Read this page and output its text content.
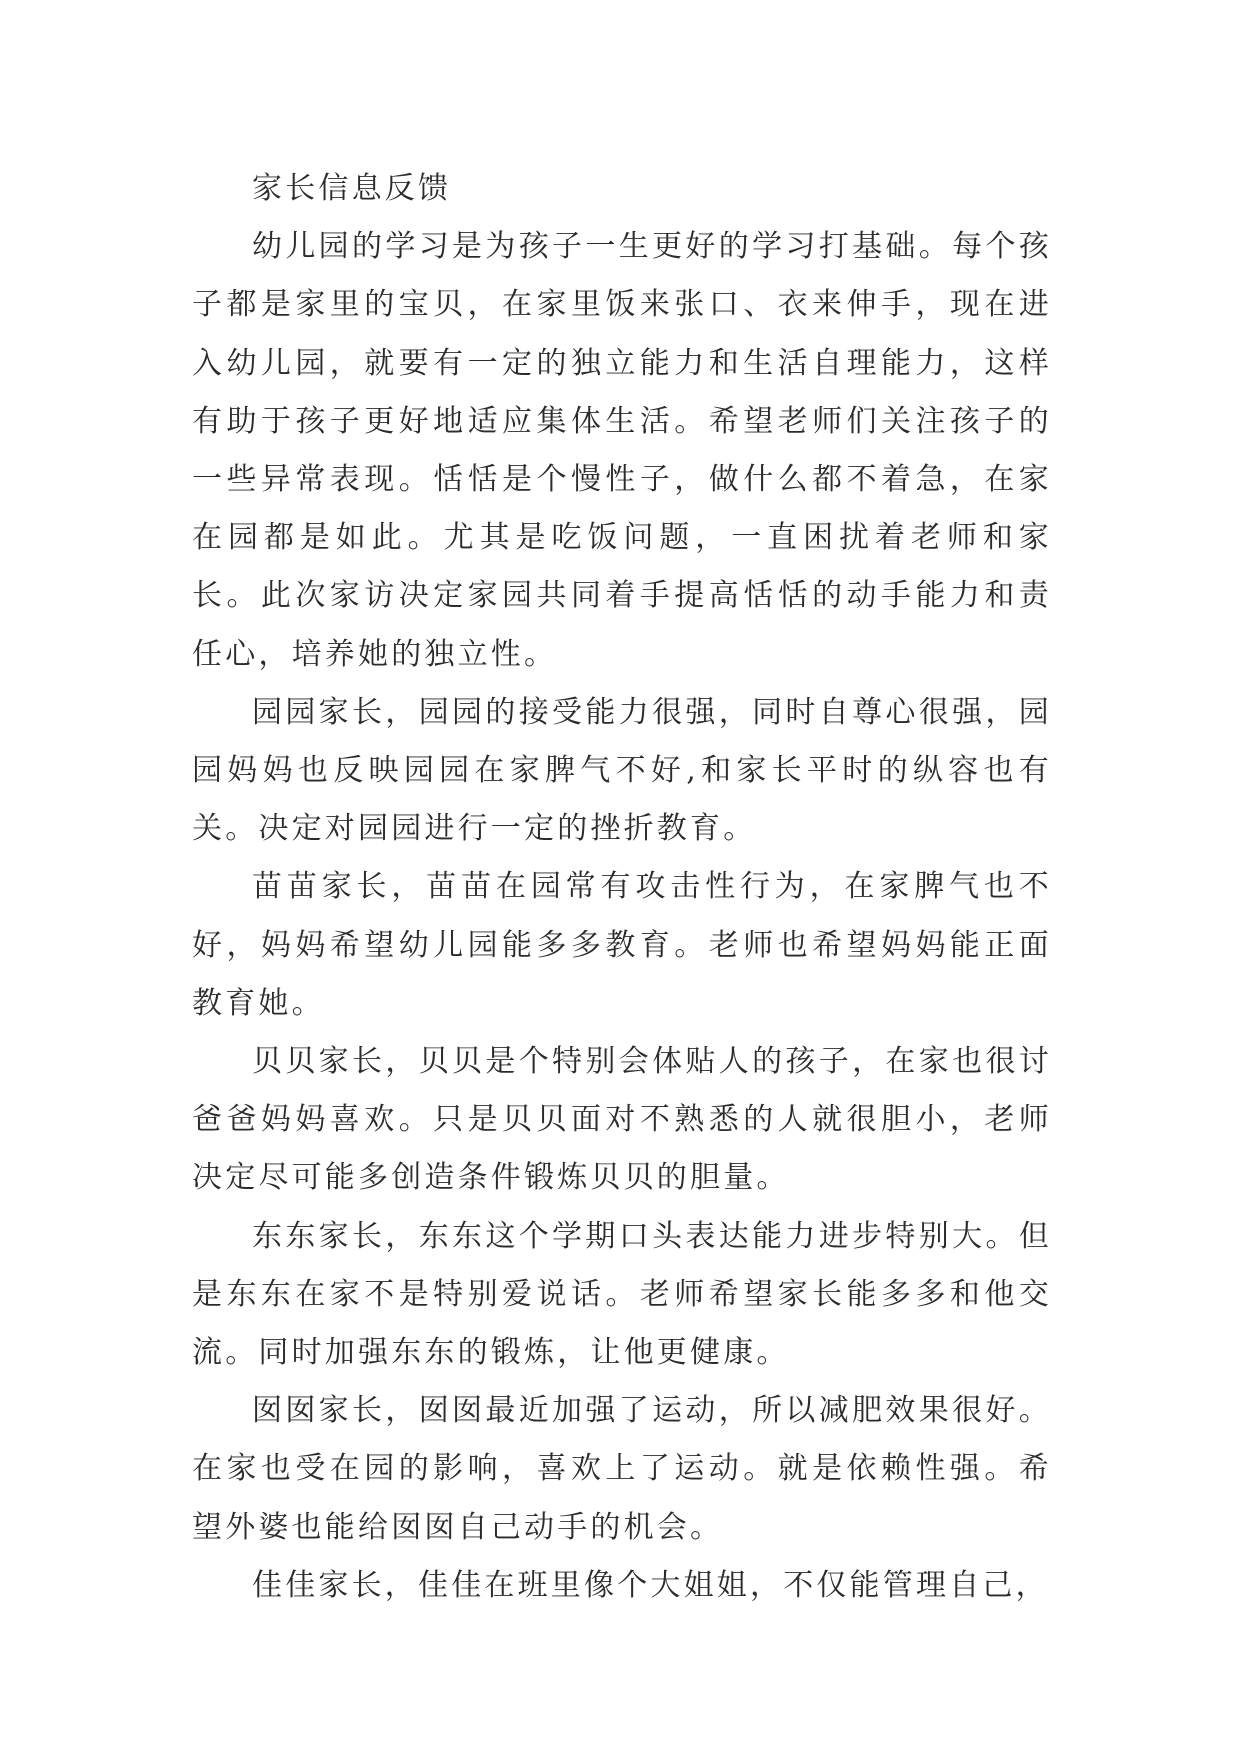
家长信息反馈

幼儿园的学习是为孩子一生更好的学习打基础。每个孩子都是家里的宝贝，在家里饭来张口、衣来伸手，现在进入幼儿园，就要有一定的独立能力和生活自理能力，这样有助于孩子更好地适应集体生活。希望老师们关注孩子的一些异常表现。恬恬是个慢性子，做什么都不着急，在家在园都是如此。尤其是吃饭问题，一直困扰着老师和家长。此次家访决定家园共同着手提高恬恬的动手能力和责任心，培养她的独立性。

园园家长，园园的接受能力很强，同时自尊心很强，园园妈妈也反映园园在家脾气不好,和家长平时的纵容也有关。决定对园园进行一定的挫折教育。

苗苗家长，苗苗在园常有攻击性行为，在家脾气也不好，妈妈希望幼儿园能多多教育。老师也希望妈妈能正面教育她。

贝贝家长，贝贝是个特别会体贴人的孩子，在家也很讨爸爸妈妈喜欢。只是贝贝面对不熟悉的人就很胆小，老师决定尽可能多创造条件锻炼贝贝的胆量。

东东家长，东东这个学期口头表达能力进步特别大。但是东东在家不是特别爱说话。老师希望家长能多多和他交流。同时加强东东的锻炼，让他更健康。

囡囡家长，囡囡最近加强了运动，所以减肥效果很好。在家也受在园的影响，喜欢上了运动。就是依赖性强。希望外婆也能给囡囡自己动手的机会。

佳佳家长，佳佳在班里像个大姐姐，不仅能管理自己，
